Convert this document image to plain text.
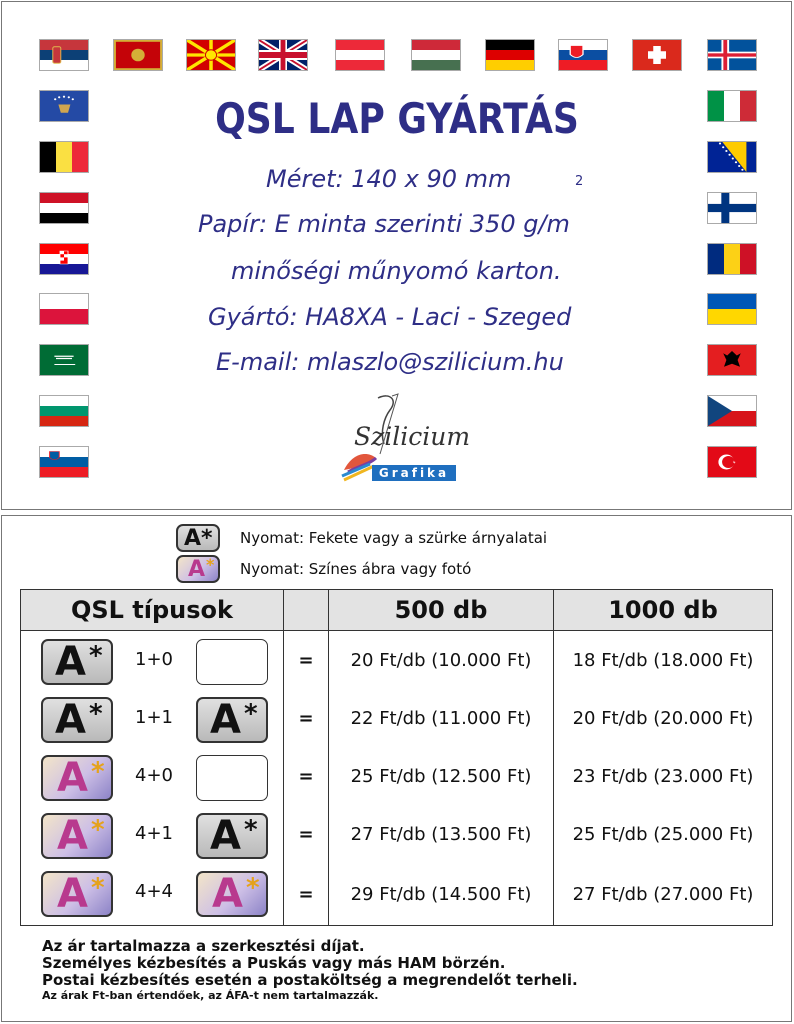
QSL LAP GYÁRTÁS
Méret: 140 x 90 mm	2
Papír: E minta szerinti 350 g/m
minőségi műnyomó karton.
Gyártó: HA8XA - Laci - Szeged
E-mail: mlaszlo@szilicium.hu
Szilicium
Grafika
A* Nyomat: Fekete vagy a szürke árnyalatai
A * Nyomat: Színes ábra vagy fotó
QSL típusok		500 db	1000 db

A * 1+0	=	20 Ft/db (10.000 Ft)	18 Ft/db (18.000 Ft)

A * 1+1 A *	=	22 Ft/db (11.000 Ft)	20 Ft/db (20.000 Ft)

A * 4+0	=	25 Ft/db (12.500 Ft)	23 Ft/db (23.000 Ft)

A * 4+1 A *	=	27 Ft/db (13.500 Ft)	25 Ft/db (25.000 Ft)

A * 4+4 A *	=	29 Ft/db (14.500 Ft)	27 Ft/db (27.000 Ft)
Az ár tartalmazza a szerkesztési díjat.
Személyes kézbesítés a Puskás vagy más HAM börzén.
Postai kézbesítés esetén a postaköltség a megrendelőt terheli.
Az árak Ft-ban értendőek, az ÁFA-t nem tartalmazzák.
